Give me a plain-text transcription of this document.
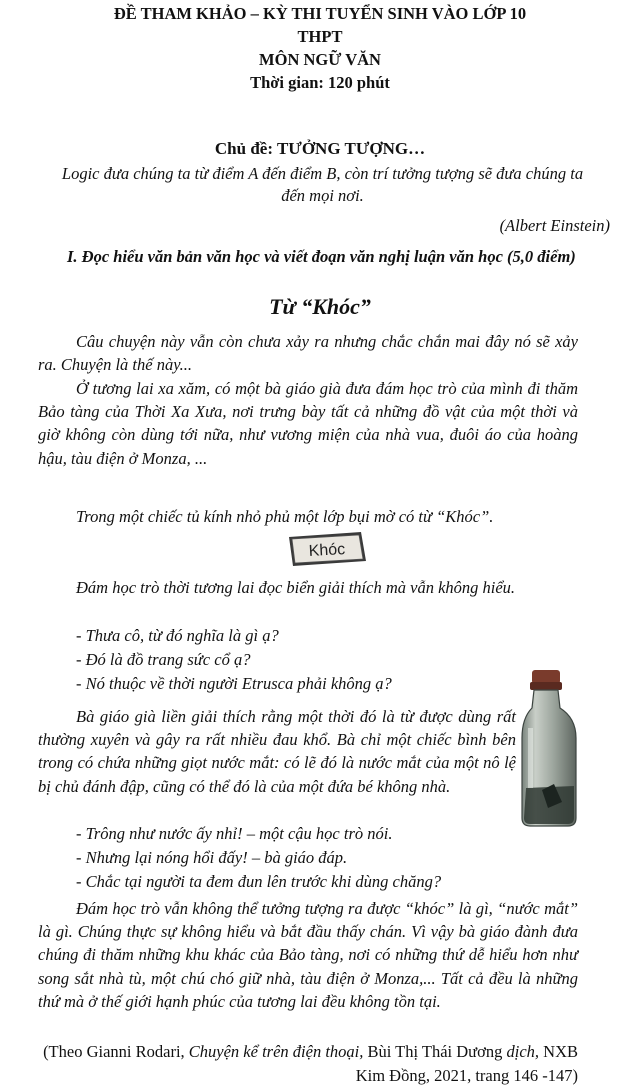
ĐỀ THAM KHẢO – KỲ THI TUYỂN SINH VÀO LỚP 10
THPT
MÔN NGỮ VĂN
Thời gian: 120 phút
Chủ đề: TƯỞNG TƯỢNG…
Logic đưa chúng ta từ điểm A đến điểm B, còn trí tưởng tượng sẽ đưa chúng ta đến mọi nơi.
(Albert Einstein)
I. Đọc hiểu văn bản văn học và viết đoạn văn nghị luận văn học (5,0 điểm)
Từ “Khóc”

Câu chuyện này vẫn còn chưa xảy ra nhưng chắc chắn mai đây nó sẽ xảy ra. Chuyện là thế này...

Ở tương lai xa xăm, có một bà giáo già đưa đám học trò của mình đi thăm Bảo tàng của Thời Xa Xưa, nơi trưng bày tất cả những đồ vật của một thời và giờ không còn dùng tới nữa, như vương miện của nhà vua, đuôi áo của hoàng hậu, tàu điện ở Monza, ...

Trong một chiếc tủ kính nhỏ phủ một lớp bụi mờ có từ “Khóc”.

Khóc

Đám học trò thời tương lai đọc biển giải thích mà vẫn không hiểu.

- Thưa cô, từ đó nghĩa là gì ạ?

- Đó là đồ trang sức cổ ạ?

- Nó thuộc về thời người Etrusca phải không ạ?

Bà giáo già liền giải thích rằng một thời đó là từ được dùng rất thường xuyên và gây ra rất nhiều đau khổ. Bà chỉ một chiếc bình bên trong có chứa những giọt nước mắt: có lẽ đó là nước mắt của một nô lệ bị chủ đánh đập, cũng có thể đó là của một đứa bé không nhà.

- Trông như nước ấy nhỉ! – một cậu học trò nói.

- Nhưng lại nóng hổi đấy! – bà giáo đáp.

- Chắc tại người ta đem đun lên trước khi dùng chăng?

Đám học trò vẫn không thể tưởng tượng ra được “khóc” là gì, “nước mắt” là gì. Chúng thực sự không hiểu và bắt đầu thấy chán. Vì vậy bà giáo đành đưa chúng đi thăm những khu khác của Bảo tàng, nơi có những thứ dễ hiểu hơn như song sắt nhà tù, một chú chó giữ nhà, tàu điện ở Monza,... Tất cả đều là những thứ mà ở thế giới hạnh phúc của tương lai đều không tồn tại.

(Theo Gianni Rodari, Chuyện kể trên điện thoại, Bùi Thị Thái Dương dịch, NXB Kim Đồng, 2021, trang 146 -147)
